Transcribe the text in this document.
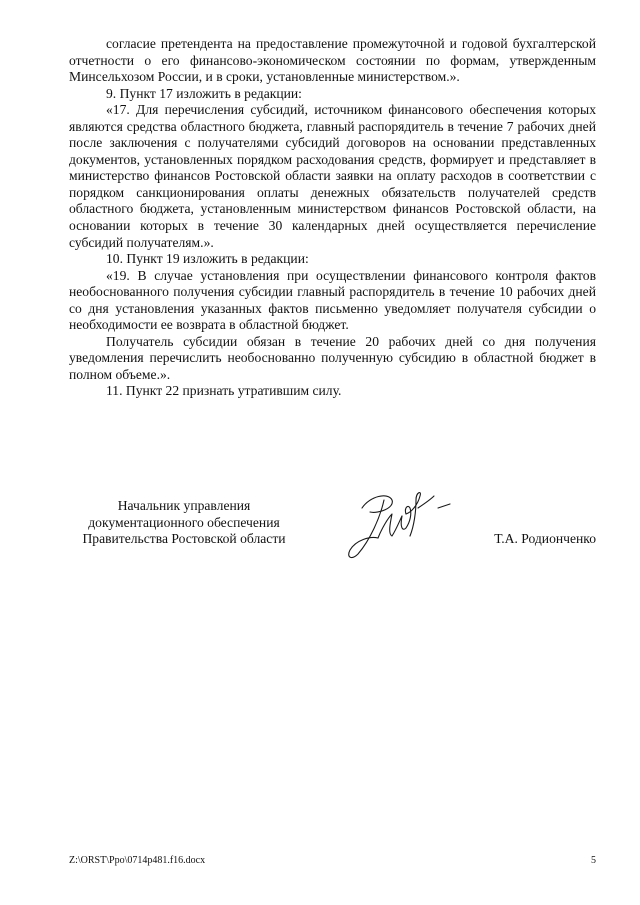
согласие претендента на предоставление промежуточной и годовой бухгалтерской отчетности о его финансово-экономическом состоянии по формам, утвержденным Минсельхозом России, и в сроки, установленные министерством.».

9. Пункт 17 изложить в редакции:

«17. Для перечисления субсидий, источником финансового обеспечения которых являются средства областного бюджета, главный распорядитель в течение 7 рабочих дней после заключения с получателями субсидий договоров на основании представленных документов, установленных порядком расходования средств, формирует и представляет в министерство финансов Ростовской области заявки на оплату расходов в соответствии с порядком санкционирования оплаты денежных обязательств получателей средств областного бюджета, установленным министерством финансов Ростовской области, на основании которых в течение 30 календарных дней осуществляется перечисление субсидий получателям.».

10. Пункт 19 изложить в редакции:

«19. В случае установления при осуществлении финансового контроля фактов необоснованного получения субсидии главный распорядитель в течение 10 рабочих дней со дня установления указанных фактов письменно уведомляет получателя субсидии о необходимости ее возврата в областной бюджет.

Получатель субсидии обязан в течение 20 рабочих дней со дня получения уведомления перечислить необоснованно полученную субсидию в областной бюджет в полном объеме.».

11. Пункт 22 признать утратившим силу.

Начальник управления
документационного обеспечения
Правительства Ростовской области	Т.А. Родионченко
Z:\ORST\Ppo\0714p481.f16.docx	5
